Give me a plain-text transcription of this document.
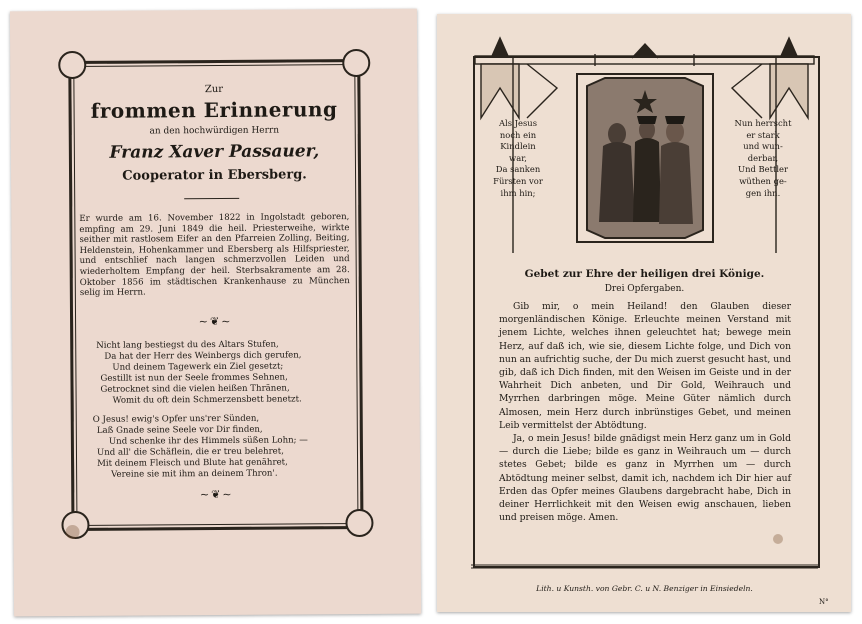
Zur
frommen Erinnerung
an den hochwürdigen Herrn
Franz Xaver Passauer,
Cooperator in Ebersberg.
Er wurde am 16. November 1822 in Ingolstadt geboren, empfing am 29. Juni 1849 die heil. Priesterweihe, wirkte seither mit rastlosem Eifer an den Pfarreien Zolling, Beiting, Heldenstein, Hohenkammer und Ebersberg als Hilfspriester, und entschlief nach langen schmerzvollen Leiden und wiederholtem Empfang der heil. Sterbsakramente am 28. Oktober 1856 im städtischen Krankenhause zu München selig im Herrn.
~❦~
Nicht lang bestiegst du des Altars Stufen,
Da hat der Herr des Weinbergs dich gerufen,
Und deinem Tagewerk ein Ziel gesetzt;
Gestillt ist nun der Seele frommes Sehnen,
Getrocknet sind die vielen heißen Thränen,
Womit du oft dein Schmerzensbett benetzt.
O Jesus! ewig's Opfer uns'rer Sünden,
Laß Gnade seine Seele vor Dir finden,
Und schenke ihr des Himmels süßen Lohn; —
Und all' die Schäflein, die er treu belehret,
Mit deinem Fleisch und Blute hat genähret,
Vereine sie mit ihm an deinem Thron'.
~❦~
Als Jesus
noch ein
Kindlein
war,
Da sanken
Fürsten vor
ihm hin;
Nun herrscht
er stark
und wun-
derbar,
Und Bettler
wüthen ge-
gen ihn.
Gebet zur Ehre der heiligen drei Könige.
Drei Opfergaben.
Gib mir, o mein Heiland! den Glauben dieser morgenländischen Könige. Erleuchte meinen Verstand mit jenem Lichte, welches ihnen geleuchtet hat; bewege mein Herz, auf daß ich, wie sie, diesem Lichte folge, und Dich von nun an aufrichtig suche, der Du mich zuerst gesucht hast, und gib, daß ich Dich finden, mit den Weisen im Geiste und in der Wahrheit Dich anbeten, und Dir Gold, Weihrauch und Myrrhen darbringen möge. Meine Güter nämlich durch Almosen, mein Herz durch inbrünstiges Gebet, und meinen Leib vermittelst der Abtödtung.
Ja, o mein Jesus! bilde gnädigst mein Herz ganz um in Gold — durch die Liebe; bilde es ganz in Weihrauch um — durch stetes Gebet; bilde es ganz in Myrrhen um — durch Abtödtung meiner selbst, damit ich, nachdem ich Dir hier auf Erden das Opfer meines Glaubens dargebracht habe, Dich in deiner Herrlichkeit mit den Weisen ewig anschauen, lieben und preisen möge. Amen.
Lith. u Kunsth. von Gebr. C. u N. Benziger in Einsiedeln.
N°
